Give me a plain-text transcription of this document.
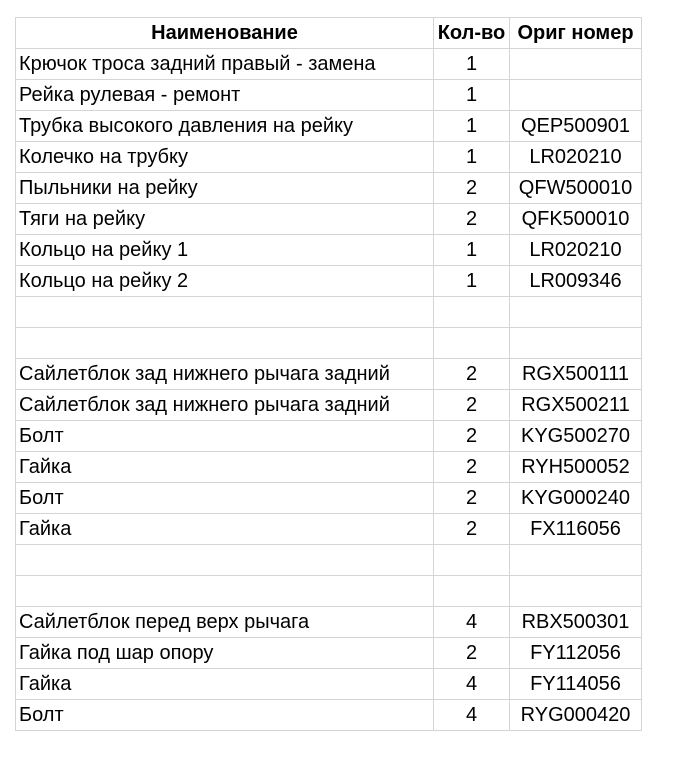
Наименование	Кол-во	Ориг номер
Крючок троса задний правый - замена	1	
Рейка рулевая - ремонт	1	
Трубка высокого давления на рейку	1	QEP500901
Колечко на трубку	1	LR020210
Пыльники на рейку	2	QFW500010
Тяги на рейку	2	QFK500010
Кольцо на рейку 1	1	LR020210
Кольцо на рейку 2	1	LR009346

Сайлетблок зад нижнего рычага задний	2	RGX500111
Сайлетблок зад нижнего рычага задний	2	RGX500211
Болт	2	KYG500270
Гайка	2	RYH500052
Болт	2	KYG000240
Гайка	2	FX116056

Сайлетблок перед верх рычага	4	RBX500301
Гайка под шар опору	2	FY112056
Гайка	4	FY114056
Болт	4	RYG000420
